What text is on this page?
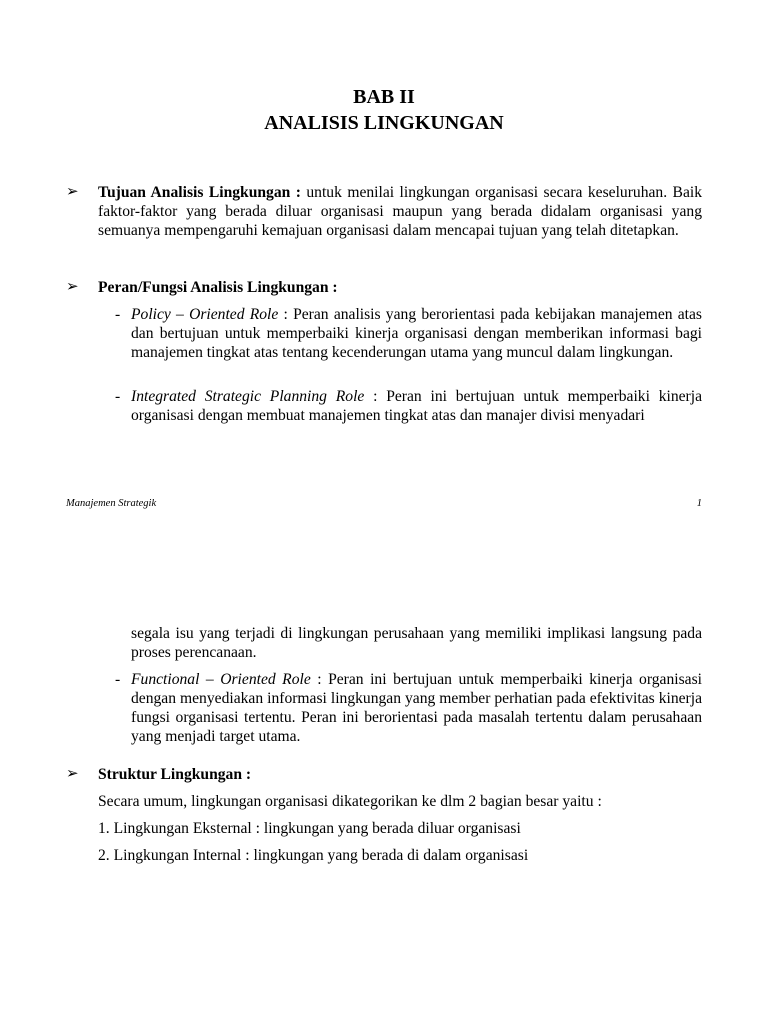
BAB II
ANALISIS LINGKUNGAN
➢ Tujuan Analisis Lingkungan : untuk menilai lingkungan organisasi secara keseluruhan. Baik faktor-faktor yang berada diluar organisasi maupun yang berada didalam organisasi yang semuanya mempengaruhi kemajuan organisasi dalam mencapai tujuan yang telah ditetapkan.
➢ Peran/Fungsi Analisis Lingkungan :
- Policy – Oriented Role : Peran analisis yang berorientasi pada kebijakan manajemen atas dan bertujuan untuk memperbaiki kinerja organisasi dengan memberikan informasi bagi manajemen tingkat atas tentang kecenderungan utama yang muncul dalam lingkungan.
- Integrated Strategic Planning Role : Peran ini bertujuan untuk memperbaiki kinerja organisasi dengan membuat manajemen tingkat atas dan manajer divisi menyadari
Manajemen Strategik	1
segala isu yang terjadi di lingkungan perusahaan yang memiliki implikasi langsung pada proses perencanaan.
- Functional – Oriented Role : Peran ini bertujuan untuk memperbaiki kinerja organisasi dengan menyediakan informasi lingkungan yang member perhatian pada efektivitas kinerja fungsi organisasi tertentu. Peran ini berorientasi pada masalah tertentu dalam perusahaan yang menjadi target utama.
➢ Struktur Lingkungan :
Secara umum, lingkungan organisasi dikategorikan ke dlm 2 bagian besar yaitu :
1. Lingkungan Eksternal : lingkungan yang berada diluar organisasi
2. Lingkungan Internal : lingkungan yang berada di dalam organisasi
